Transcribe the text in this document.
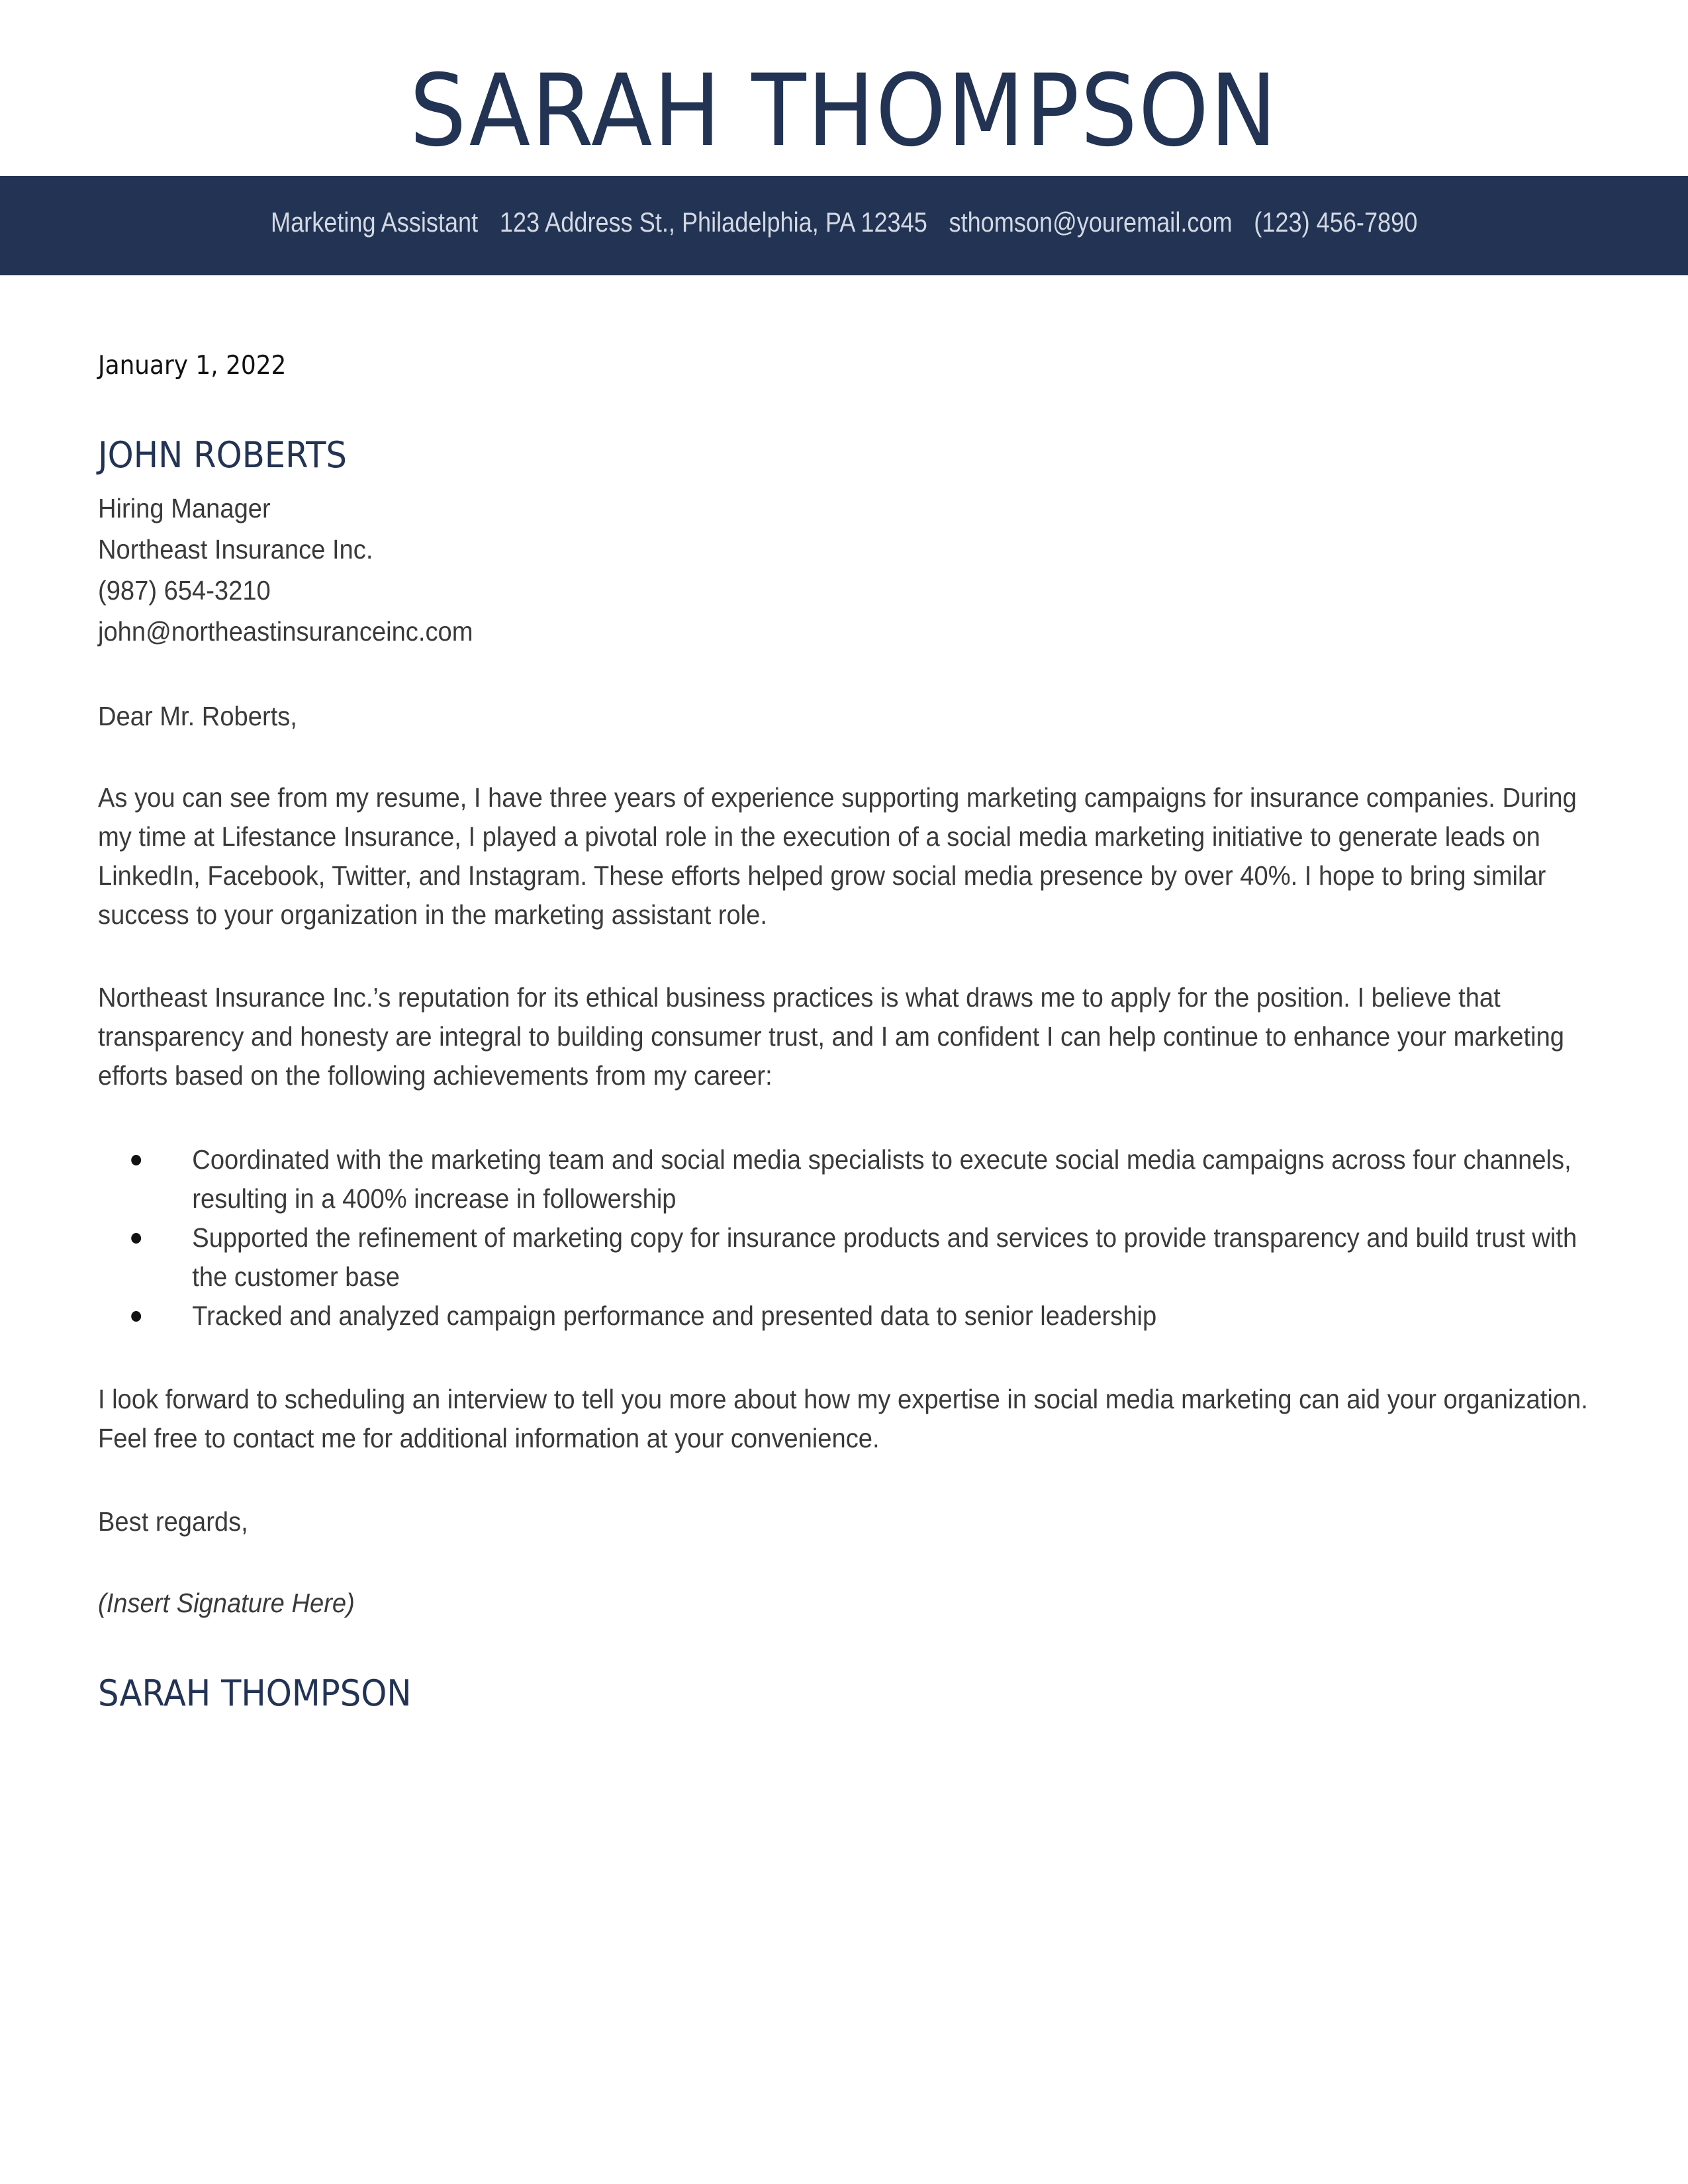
SARAH THOMPSON
Marketing Assistant 123 Address St., Philadelphia, PA 12345 sthomson@youremail.com (123) 456-7890
January 1, 2022
JOHN ROBERTS
Hiring Manager
Northeast Insurance Inc.
(987) 654-3210
john@northeastinsuranceinc.com
Dear Mr. Roberts,

As you can see from my resume, I have three years of experience supporting marketing campaigns for insurance companies. During my time at Lifestance Insurance, I played a pivotal role in the execution of a social media marketing initiative to generate leads on LinkedIn, Facebook, Twitter, and Instagram. These efforts helped grow social media presence by over 40%. I hope to bring similar success to your organization in the marketing assistant role.

Northeast Insurance Inc.’s reputation for its ethical business practices is what draws me to apply for the position. I believe that transparency and honesty are integral to building consumer trust, and I am confident I can help continue to enhance your marketing efforts based on the following achievements from my career:

Coordinated with the marketing team and social media specialists to execute social media campaigns across four channels, resulting in a 400% increase in followership
Supported the refinement of marketing copy for insurance products and services to provide transparency and build trust with the customer base
Tracked and analyzed campaign performance and presented data to senior leadership

I look forward to scheduling an interview to tell you more about how my expertise in social media marketing can aid your organization. Feel free to contact me for additional information at your convenience.

Best regards,
(Insert Signature Here)
SARAH THOMPSON
